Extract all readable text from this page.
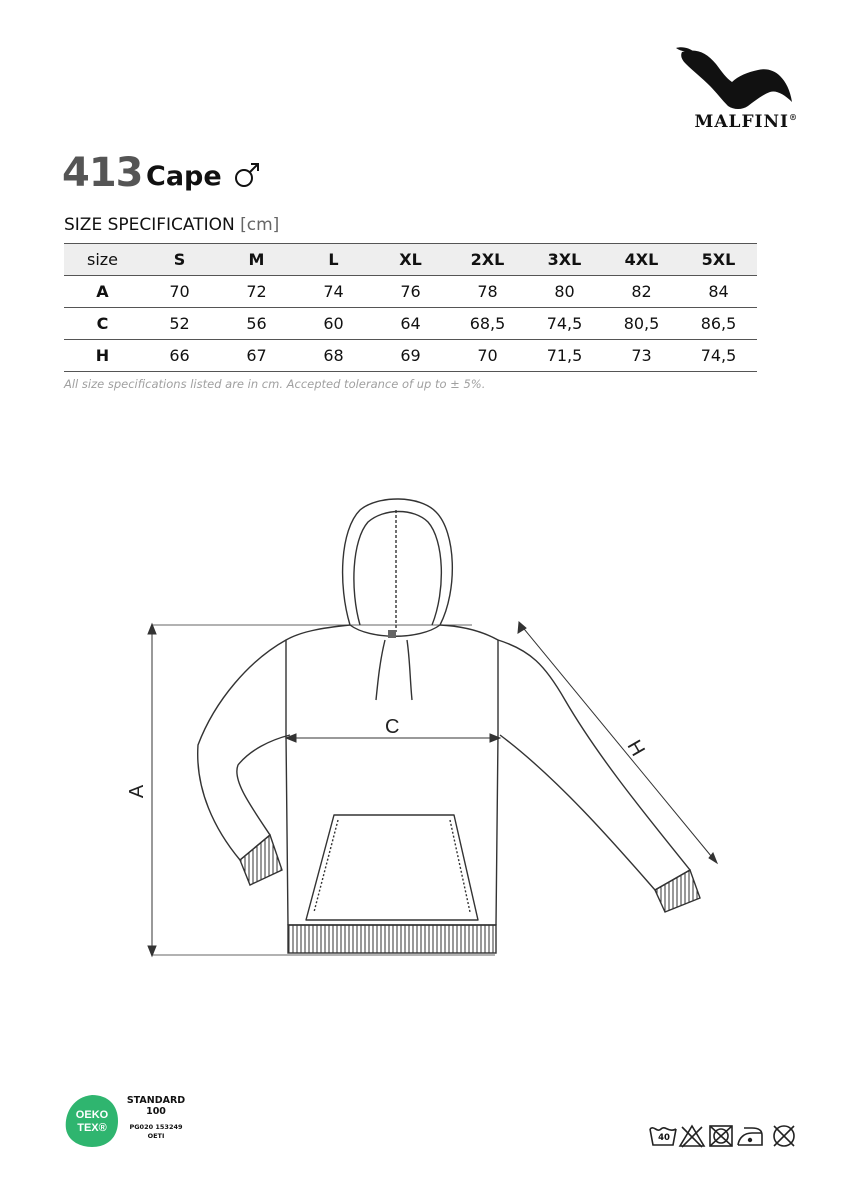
MALFINI®
413 Cape
SIZE SPECIFICATION [cm]
size	S	M	L	XL	2XL	3XL	4XL	5XL
A	70	72	74	76	78	80	82	84
C	52	56	60	64	68,5	74,5	80,5	86,5
H	66	67	68	69	70	71,5	73	74,5
All size specifications listed are in cm. Accepted tolerance of up to ± 5%.
C
A
H
OEKO
TEX®
STANDARD
100
PG020 153249
OETI	40
